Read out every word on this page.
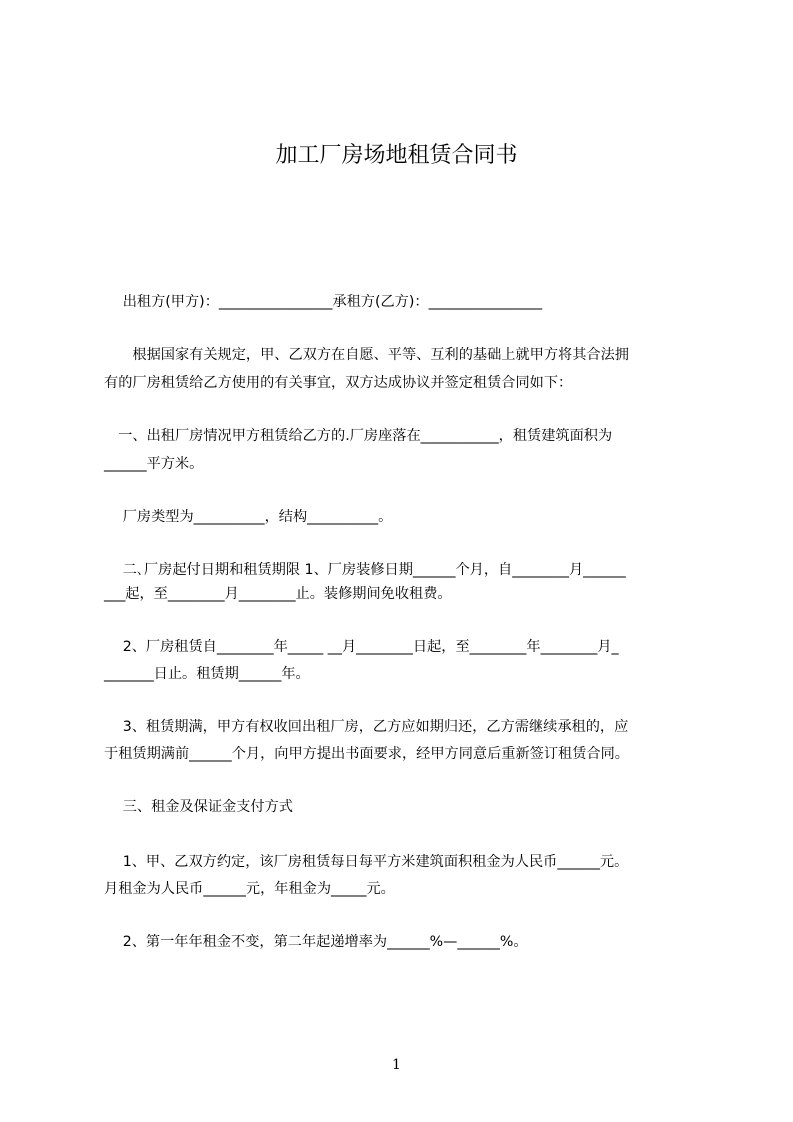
加工厂房场地租赁合同书
　 出租方(甲方)：________________承租方(乙方)：________________
　　根据国家有关规定，甲、乙双方在自愿、平等、互利的基础上就甲方将其合法拥
有的厂房租赁给乙方使用的有关事宜，双方达成协议并签定租赁合同如下：
　一、出租厂房情况甲方租赁给乙方的.厂房座落在___________，租赁建筑面积为
______平方米。
　 厂房类型为__________，结构__________。
　 二､厂房起付日期和租赁期限 1、厂房装修日期______个月，自________月______
___起，至________月________止。装修期间免收租费。
　 2、厂房租赁自________年_____ __月________日起，至________年________月_
_______日止。租赁期______年。
　 3、租赁期满，甲方有权收回出租厂房，乙方应如期归还，乙方需继续承租的，应
于租赁期满前______个月，向甲方提出书面要求，经甲方同意后重新签订租赁合同。
　 三、租金及保证金支付方式
　 1、甲、乙双方约定，该厂房租赁每日每平方米建筑面积租金为人民币______元。
月租金为人民币______元，年租金为_____元。
　 2、第一年年租金不变，第二年起递增率为______%—______%。
1
